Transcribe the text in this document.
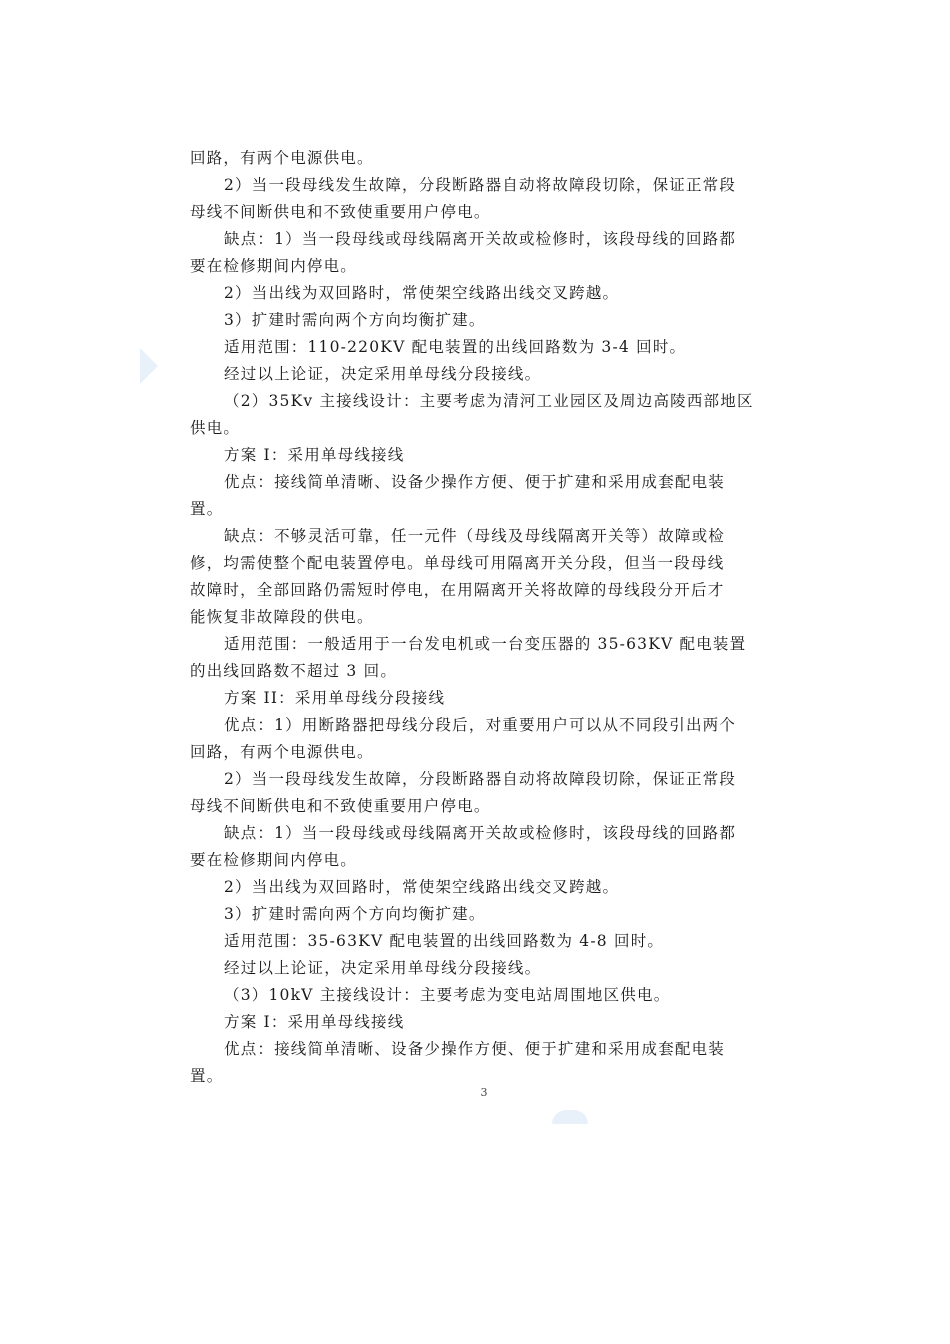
回路，有两个电源供电。
2）当一段母线发生故障，分段断路器自动将故障段切除，保证正常段
母线不间断供电和不致使重要用户停电。
缺点：1）当一段母线或母线隔离开关故或检修时，该段母线的回路都
要在检修期间内停电。
2）当出线为双回路时，常使架空线路出线交叉跨越。
3）扩建时需向两个方向均衡扩建。
适用范围：110-220KV 配电装置的出线回路数为 3-4 回时。
经过以上论证，决定采用单母线分段接线。
（2）35Kv 主接线设计：主要考虑为清河工业园区及周边高陵西部地区
供电。
方案 I：采用单母线接线
优点：接线简单清晰、设备少操作方便、便于扩建和采用成套配电装
置。
缺点：不够灵活可靠，任一元件（母线及母线隔离开关等）故障或检
修，均需使整个配电装置停电。单母线可用隔离开关分段，但当一段母线
故障时，全部回路仍需短时停电，在用隔离开关将故障的母线段分开后才
能恢复非故障段的供电。
适用范围：一般适用于一台发电机或一台变压器的 35-63KV 配电装置
的出线回路数不超过 3 回。
方案 II：采用单母线分段接线
优点：1）用断路器把母线分段后，对重要用户可以从不同段引出两个
回路，有两个电源供电。
2）当一段母线发生故障，分段断路器自动将故障段切除，保证正常段
母线不间断供电和不致使重要用户停电。
缺点：1）当一段母线或母线隔离开关故或检修时，该段母线的回路都
要在检修期间内停电。
2）当出线为双回路时，常使架空线路出线交叉跨越。
3）扩建时需向两个方向均衡扩建。
适用范围：35-63KV 配电装置的出线回路数为 4-8 回时。
经过以上论证，决定采用单母线分段接线。
（3）10kV 主接线设计：主要考虑为变电站周围地区供电。
方案 I：采用单母线接线
优点：接线简单清晰、设备少操作方便、便于扩建和采用成套配电装
置。
3
